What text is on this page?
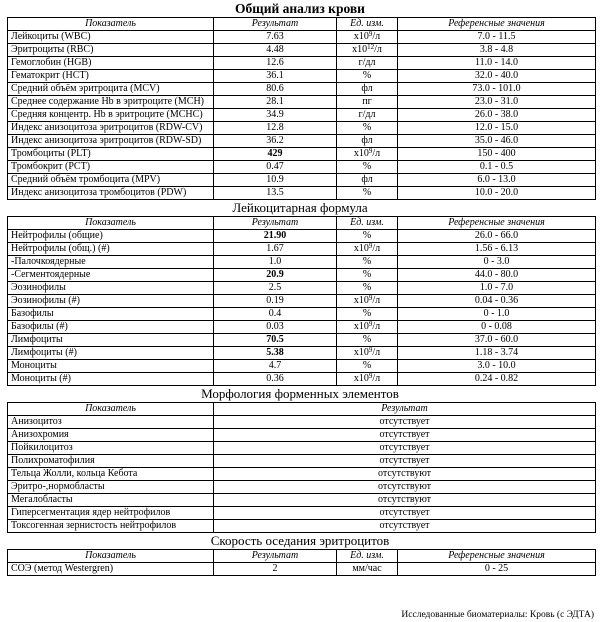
Общий анализ крови
Показатель	Результат	Ед. изм.	Референсные значения
Лейкоциты (WBC)	7.63	$x10^9/л$	7.0 - 11.5
Эритроциты (RBC)	4.48	$x10^{12}/л$	3.8 - 4.8
Гемоглобин (HGB)	12.6	г/дл	11.0 - 14.0
Гематокрит (HCT)	36.1	%	32.0 - 40.0
Средний объём эритроцита (MCV)	80.6	фл	73.0 - 101.0
Среднее содержание Hb в эритроците (MCH)	28.1	пг	23.0 - 31.0
Средняя концентр. Hb в эритроците (MCHC)	34.9	г/дл	26.0 - 38.0
Индекс анизоцитоза эритроцитов (RDW-CV)	12.8	%	12.0 - 15.0
Индекс анизоцитоза эритроцитов (RDW-SD)	36.2	фл	35.0 - 46.0
Тромбоциты (PLT)	429	$x10^9/л$	150 - 400
Тромбокрит (PCT)	0.47	%	0.1 - 0.5
Средний объём тромбоцита (MPV)	10.9	фл	6.0 - 13.0
Индекс анизоцитоза тромбоцитов (PDW)	13.5	%	10.0 - 20.0
Лейкоцитарная формула
Показатель	Результат	Ед. изм.	Референсные значения
Нейтрофилы (общие)	21.90	%	26.0 - 66.0
Нейтрофилы (общ.) (#)	1.67	$x10^9/л$	1.56 - 6.13
-Палочкоядерные	1.0	%	0 - 3.0
-Сегментоядерные	20.9	%	44.0 - 80.0
Эозинофилы	2.5	%	1.0 - 7.0
Эозинофилы (#)	0.19	$x10^9/л$	0.04 - 0.36
Базофилы	0.4	%	0 - 1.0
Базофилы (#)	0.03	$x10^9/л$	0 - 0.08
Лимфоциты	70.5	%	37.0 - 60.0
Лимфоциты (#)	5.38	$x10^9/л$	1.18 - 3.74
Моноциты	4.7	%	3.0 - 10.0
Моноциты (#)	0.36	$x10^9/л$	0.24 - 0.82
Морфология форменных элементов
Показатель	Результат
Анизоцитоз	отсутствует
Анизохромия	отсутствует
Пойкилоцитоз	отсутствует
Полихроматофилия	отсутствует
Тельца Жолли, кольца Кебота	отсутствуют
Эритро-,нормобласты	отсутствуют
Мегалобласты	отсутствуют
Гиперсегментация ядер нейтрофилов	отсутствует
Токсогенная зернистость нейтрофилов	отсутствует
Скорость оседания эритроцитов
Показатель	Результат	Ед. изм.	Референсные значения
СОЭ (метод Westergren)	2	мм/час	0 - 25
Исследованные биоматериалы: Кровь (с ЭДТА)
